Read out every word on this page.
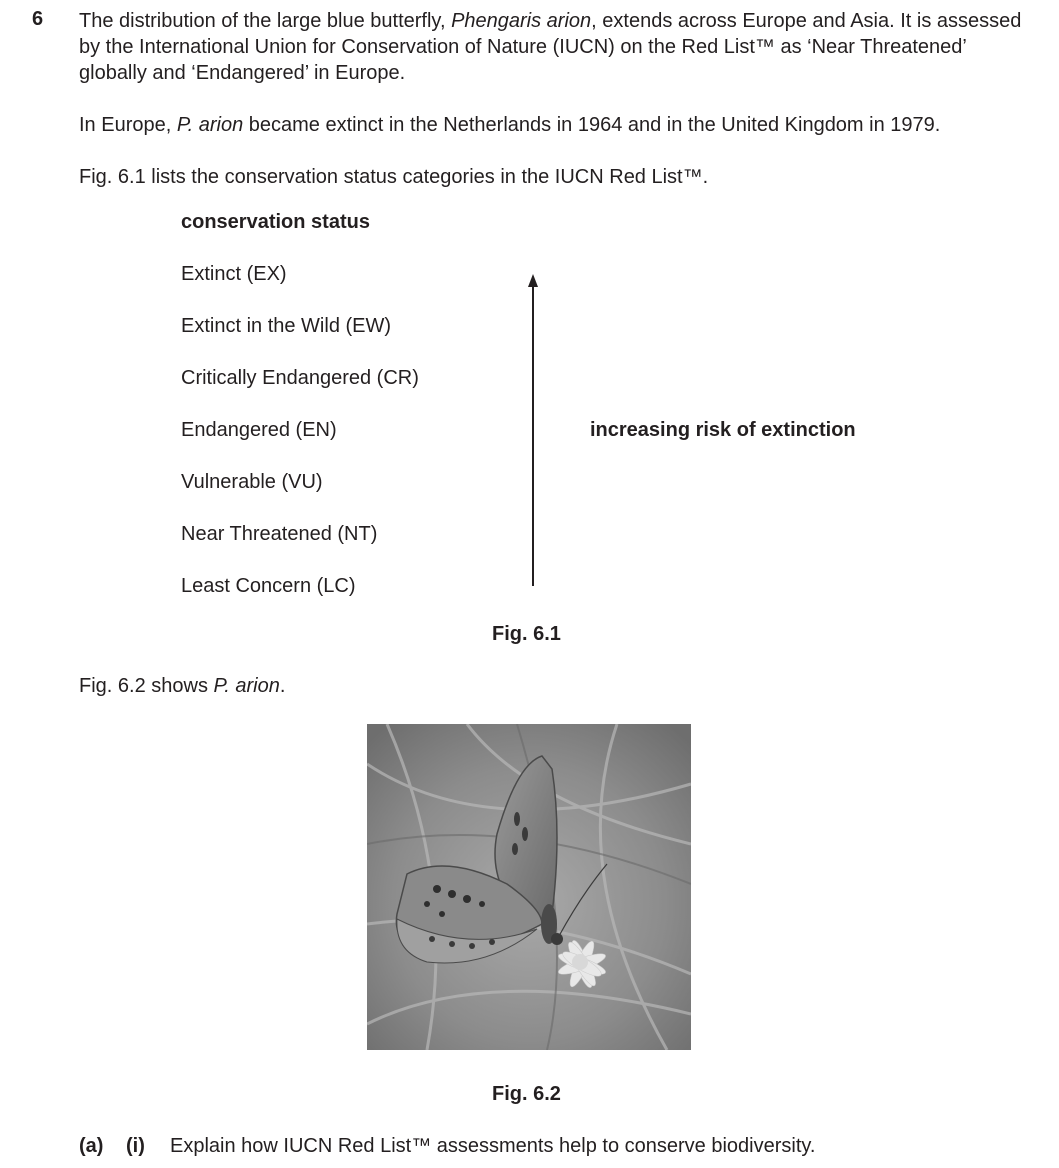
6 The distribution of the large blue butterfly, Phengaris arion, extends across Europe and Asia. It is assessed by the International Union for Conservation of Nature (IUCN) on the Red List™ as ‘Near Threatened’ globally and ‘Endangered’ in Europe.
In Europe, P. arion became extinct in the Netherlands in 1964 and in the United Kingdom in 1979.
Fig. 6.1 lists the conservation status categories in the IUCN Red List™.
conservation status
Extinct (EX)
Extinct in the Wild (EW)
Critically Endangered (CR)
Endangered (EN)
Vulnerable (VU)
Near Threatened (NT)
Least Concern (LC)
increasing risk of extinction
Fig. 6.1
Fig. 6.2 shows P. arion.
Fig. 6.2
(a) (i) Explain how IUCN Red List™ assessments help to conserve biodiversity.
